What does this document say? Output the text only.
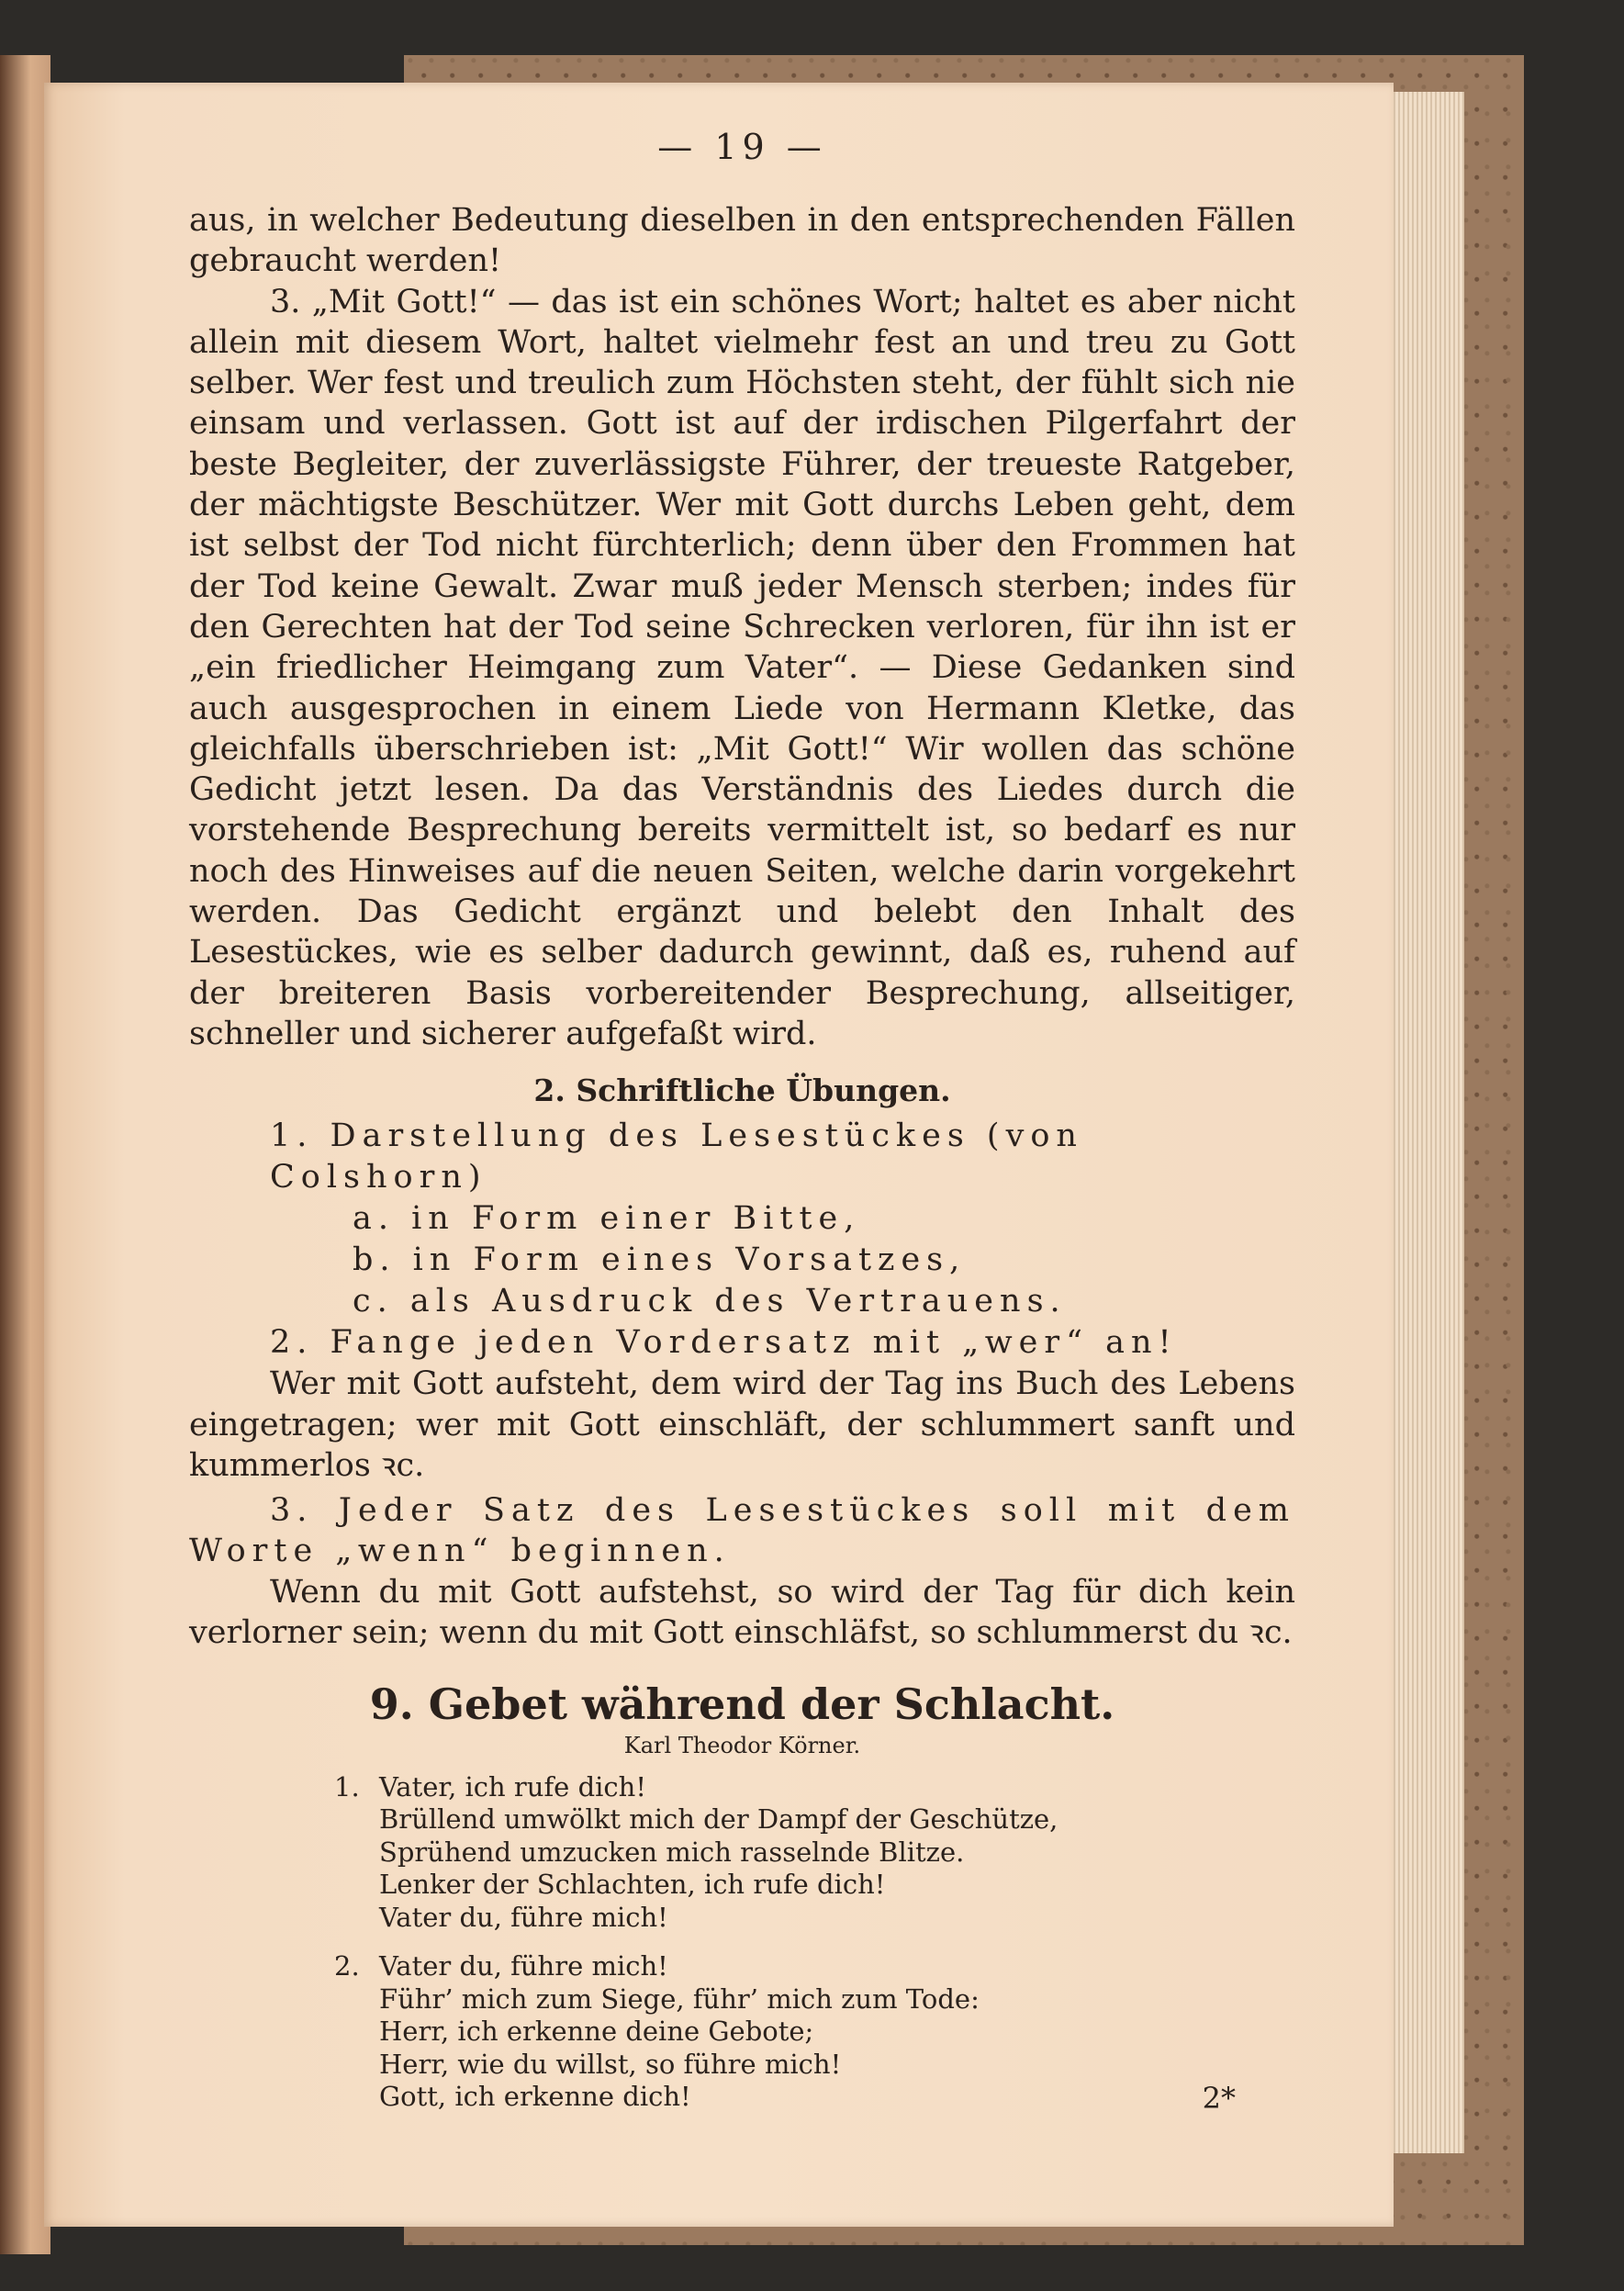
— 19 —

aus, in welcher Bedeutung dieselben in den entsprechenden Fällen gebraucht werden!

3. „Mit Gott!“ — das ist ein schönes Wort; haltet es aber nicht allein mit diesem Wort, haltet vielmehr fest an und treu zu Gott selber. Wer fest und treulich zum Höchsten steht, der fühlt sich nie einsam und verlassen. Gott ist auf der irdischen Pilgerfahrt der beste Begleiter, der zuverlässigste Führer, der treueste Ratgeber, der mächtigste Beschützer. Wer mit Gott durchs Leben geht, dem ist selbst der Tod nicht fürchterlich; denn über den Frommen hat der Tod keine Gewalt. Zwar muß jeder Mensch sterben; indes für den Gerechten hat der Tod seine Schrecken verloren, für ihn ist er „ein friedlicher Heimgang zum Vater“. — Diese Gedanken sind auch ausgesprochen in einem Liede von Hermann Kletke, das gleichfalls überschrieben ist: „Mit Gott!“ Wir wollen das schöne Gedicht jetzt lesen. Da das Verständnis des Liedes durch die vorstehende Besprechung bereits vermittelt ist, so bedarf es nur noch des Hinweises auf die neuen Seiten, welche darin vorgekehrt werden. Das Gedicht ergänzt und belebt den Inhalt des Lesestückes, wie es selber dadurch gewinnt, daß es, ruhend auf der breiteren Basis vorbereitender Besprechung, allseitiger, schneller und sicherer aufgefaßt wird.

2. Schriftliche Übungen.

1. Darstellung des Lesestückes (von Colshorn)

a. in Form einer Bitte,

b. in Form eines Vorsatzes,

c. als Ausdruck des Vertrauens.

2. Fange jeden Vordersatz mit „wer“ an!

Wer mit Gott aufsteht, dem wird der Tag ins Buch des Lebens eingetragen; wer mit Gott einschläft, der schlummert sanft und kummerlos ꝛc.

3. Jeder Satz des Lesestückes soll mit dem Worte „wenn“ beginnen.

Wenn du mit Gott aufstehst, so wird der Tag für dich kein verlorner sein; wenn du mit Gott einschläfst, so schlummerst du ꝛc.

9. Gebet während der Schlacht.

Karl Theodor Körner.

1. Vater, ich rufe dich!

Brüllend umwölkt mich der Dampf der Geschütze,

Sprühend umzucken mich rasselnde Blitze.

Lenker der Schlachten, ich rufe dich!

Vater du, führe mich!

2. Vater du, führe mich!

Führ’ mich zum Siege, führ’ mich zum Tode:

Herr, ich erkenne deine Gebote;

Herr, wie du willst, so führe mich!

Gott, ich erkenne dich!	2*
